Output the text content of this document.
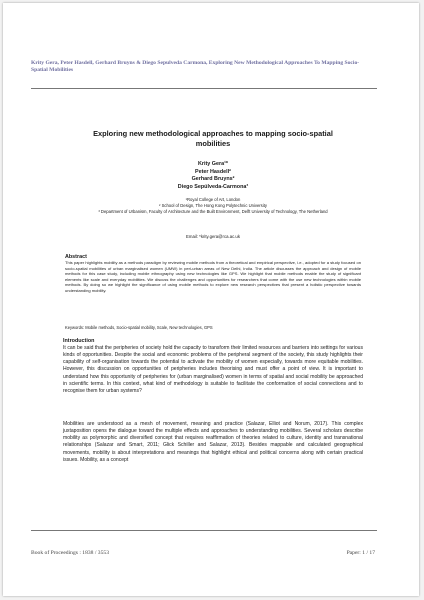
Krity Gera, Peter Hasdell, Gerhard Bruyns & Diego Sepulveda Carmona, Exploring New Methodological Approaches To Mapping Socio-Spatial Mobilities
Exploring new methodological approaches to mapping socio-spatial mobilities
Krity Gera¹*
Peter Hasdell²
Gerhard Bruyns²
Diego Sepúlveda-Carmona³
¹Royal College of Art, London
² School of Design, The Hong Kong Polytechnic University
³ Department of Urbanism, Faculty of Architecture and the Built Environment, Delft University of Technology, The Netherland
Email: *krity.gera@rca.ac.uk
Abstract
This paper highlights mobility as a methods paradigm by reviewing mobile methods from a theoretical and empirical perspective, i.e., adopted for a study focused on socio-spatial mobilities of urban marginalised women (UMW) in peri-urban areas of New Delhi, India. The article discusses the approach and design of mobile methods for this case study, including mobile ethnography using new technologies like GPS. We highlight that mobile methods enable the study of significant elements like scale and everyday mobilities. We discuss the challenges and opportunities for researchers that come with the use new technologies within mobile methods. By doing so we highlight the significance of using mobile methods to explore new research perspectives that present a holistic perspective towards understanding mobility.
Keywords: Mobile methods, Socio-spatial mobility, Scale, New technologies, GPS
Introduction
It can be said that the peripheries of society hold the capacity to transform their limited resources and barriers into settings for various kinds of opportunities. Despite the social and economic problems of the peripheral segment of the society, this study highlights their capability of self-organisation towards the potential to activate the mobility of women especially, towards more equitable mobilities. However, this discussion on opportunities of peripheries includes theorising and must offer a point of view. It is important to understand how this opportunity of peripheries for (urban marginalised) women in terms of spatial and social mobility be approached in scientific terms. In this context, what kind of methodology is suitable to facilitate the conformation of social connections and to recognise them for urban systems?
Mobilities are understood as a mesh of movement, meaning and practice (Salazar, Elliot and Norum, 2017). This complex juxtaposition opens the dialogue toward the multiple effects and approaches to understanding mobilities. Several scholars describe mobility as polymorphic and diversified concept that requires reaffirmation of theories related to culture, identity and transnational relationships (Salazar and Smart, 2011; Glick Schiller and Salazar, 2013). Besides mappable and calculated geographical movements, mobility is about interpretations and meanings that highlight ethical and political concerns along with certain practical issues. Mobility, as a concept
Book of Proceedings : 1838 / 3553	Paper: 1 / 17
